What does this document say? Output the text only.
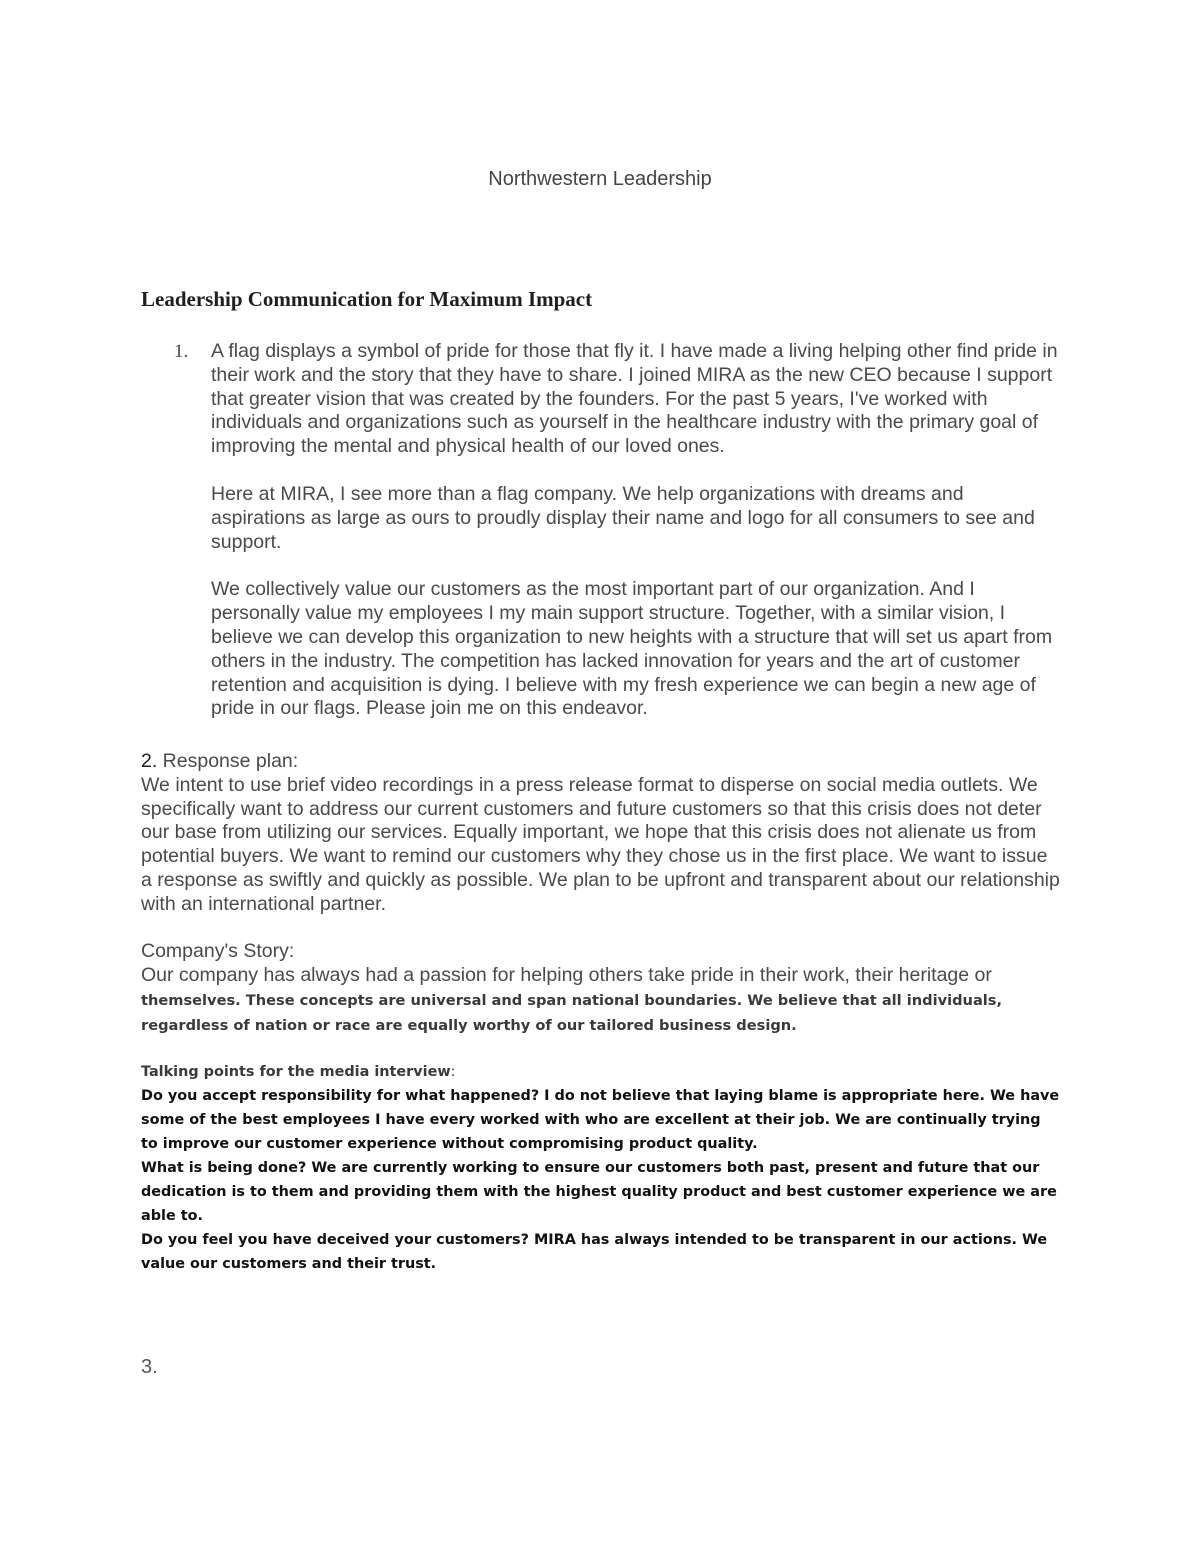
Northwestern Leadership
Leadership Communication for Maximum Impact
1. A flag displays a symbol of pride for those that fly it. I have made a living helping other find pride in their work and the story that they have to share. I joined MIRA as the new CEO because I support that greater vision that was created by the founders. For the past 5 years, I've worked with individuals and organizations such as yourself in the healthcare industry with the primary goal of improving the mental and physical health of our loved ones.

Here at MIRA, I see more than a flag company. We help organizations with dreams and aspirations as large as ours to proudly display their name and logo for all consumers to see and support.

We collectively value our customers as the most important part of our organization. And I personally value my employees I my main support structure. Together, with a similar vision, I believe we can develop this organization to new heights with a structure that will set us apart from others in the industry. The competition has lacked innovation for years and the art of customer retention and acquisition is dying. I believe with my fresh experience we can begin a new age of pride in our flags. Please join me on this endeavor.

2. Response plan:

We intent to use brief video recordings in a press release format to disperse on social media outlets. We specifically want to address our current customers and future customers so that this crisis does not deter our base from utilizing our services. Equally important, we hope that this crisis does not alienate us from potential buyers. We want to remind our customers why they chose us in the first place. We want to issue a response as swiftly and quickly as possible. We plan to be upfront and transparent about our relationship with an international partner.

Company's Story:

Our company has always had a passion for helping others take pride in their work, their heritage or
themselves. These concepts are universal and span national boundaries. We believe that all individuals, regardless of nation or race are equally worthy of our tailored business design.

Talking points for the media interview:

Do you accept responsibility for what happened? I do not believe that laying blame is appropriate here. We have some of the best employees I have every worked with who are excellent at their job. We are continually trying to improve our customer experience without compromising product quality.

What is being done? We are currently working to ensure our customers both past, present and future that our dedication is to them and providing them with the highest quality product and best customer experience we are able to.

Do you feel you have deceived your customers? MIRA has always intended to be transparent in our actions. We value our customers and their trust.

3.
